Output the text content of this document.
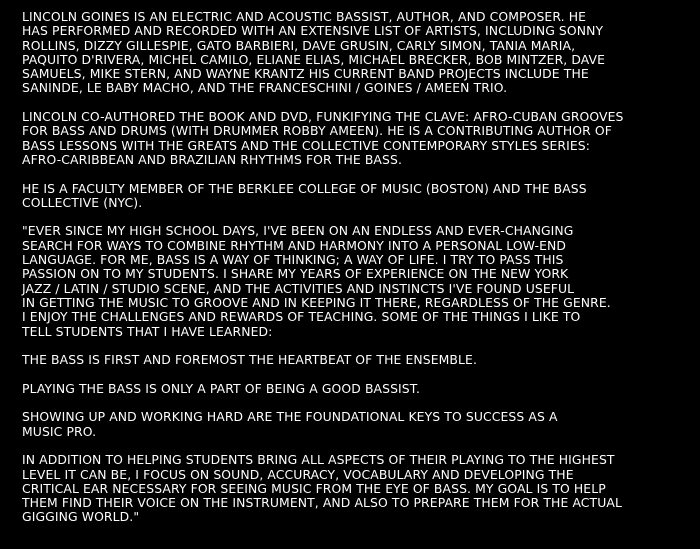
LINCOLN GOINES IS AN ELECTRIC AND ACOUSTIC BASSIST, AUTHOR, AND COMPOSER. HE
HAS PERFORMED AND RECORDED WITH AN EXTENSIVE LIST OF ARTISTS, INCLUDING SONNY
ROLLINS, DIZZY GILLESPIE, GATO BARBIERI, DAVE GRUSIN, CARLY SIMON, TANIA MARIA,
PAQUITO D'RIVERA, MICHEL CAMILO, ELIANE ELIAS, MICHAEL BRECKER, BOB MINTZER, DAVE
SAMUELS, MIKE STERN, AND WAYNE KRANTZ HIS CURRENT BAND PROJECTS INCLUDE THE
SANINDE, LE BABY MACHO, AND THE FRANCESCHINI / GOINES / AMEEN TRIO.

LINCOLN CO-AUTHORED THE BOOK AND DVD, FUNKIFYING THE CLAVE: AFRO-CUBAN GROOVES
FOR BASS AND DRUMS (WITH DRUMMER ROBBY AMEEN). HE IS A CONTRIBUTING AUTHOR OF
BASS LESSONS WITH THE GREATS AND THE COLLECTIVE CONTEMPORARY STYLES SERIES:
AFRO-CARIBBEAN AND BRAZILIAN RHYTHMS FOR THE BASS.

HE IS A FACULTY MEMBER OF THE BERKLEE COLLEGE OF MUSIC (BOSTON) AND THE BASS
COLLECTIVE (NYC).

"EVER SINCE MY HIGH SCHOOL DAYS, I'VE BEEN ON AN ENDLESS AND EVER-CHANGING
SEARCH FOR WAYS TO COMBINE RHYTHM AND HARMONY INTO A PERSONAL LOW-END
LANGUAGE. FOR ME, BASS IS A WAY OF THINKING; A WAY OF LIFE. I TRY TO PASS THIS
PASSION ON TO MY STUDENTS. I SHARE MY YEARS OF EXPERIENCE ON THE NEW YORK
JAZZ / LATIN / STUDIO SCENE, AND THE ACTIVITIES AND INSTINCTS I'VE FOUND USEFUL
IN GETTING THE MUSIC TO GROOVE AND IN KEEPING IT THERE, REGARDLESS OF THE GENRE.
I ENJOY THE CHALLENGES AND REWARDS OF TEACHING. SOME OF THE THINGS I LIKE TO
TELL STUDENTS THAT I HAVE LEARNED:

THE BASS IS FIRST AND FOREMOST THE HEARTBEAT OF THE ENSEMBLE.

PLAYING THE BASS IS ONLY A PART OF BEING A GOOD BASSIST.

SHOWING UP AND WORKING HARD ARE THE FOUNDATIONAL KEYS TO SUCCESS AS A
MUSIC PRO.

IN ADDITION TO HELPING STUDENTS BRING ALL ASPECTS OF THEIR PLAYING TO THE HIGHEST
LEVEL IT CAN BE, I FOCUS ON SOUND, ACCURACY, VOCABULARY AND DEVELOPING THE
CRITICAL EAR NECESSARY FOR SEEING MUSIC FROM THE EYE OF BASS. MY GOAL IS TO HELP
THEM FIND THEIR VOICE ON THE INSTRUMENT, AND ALSO TO PREPARE THEM FOR THE ACTUAL
GIGGING WORLD."
